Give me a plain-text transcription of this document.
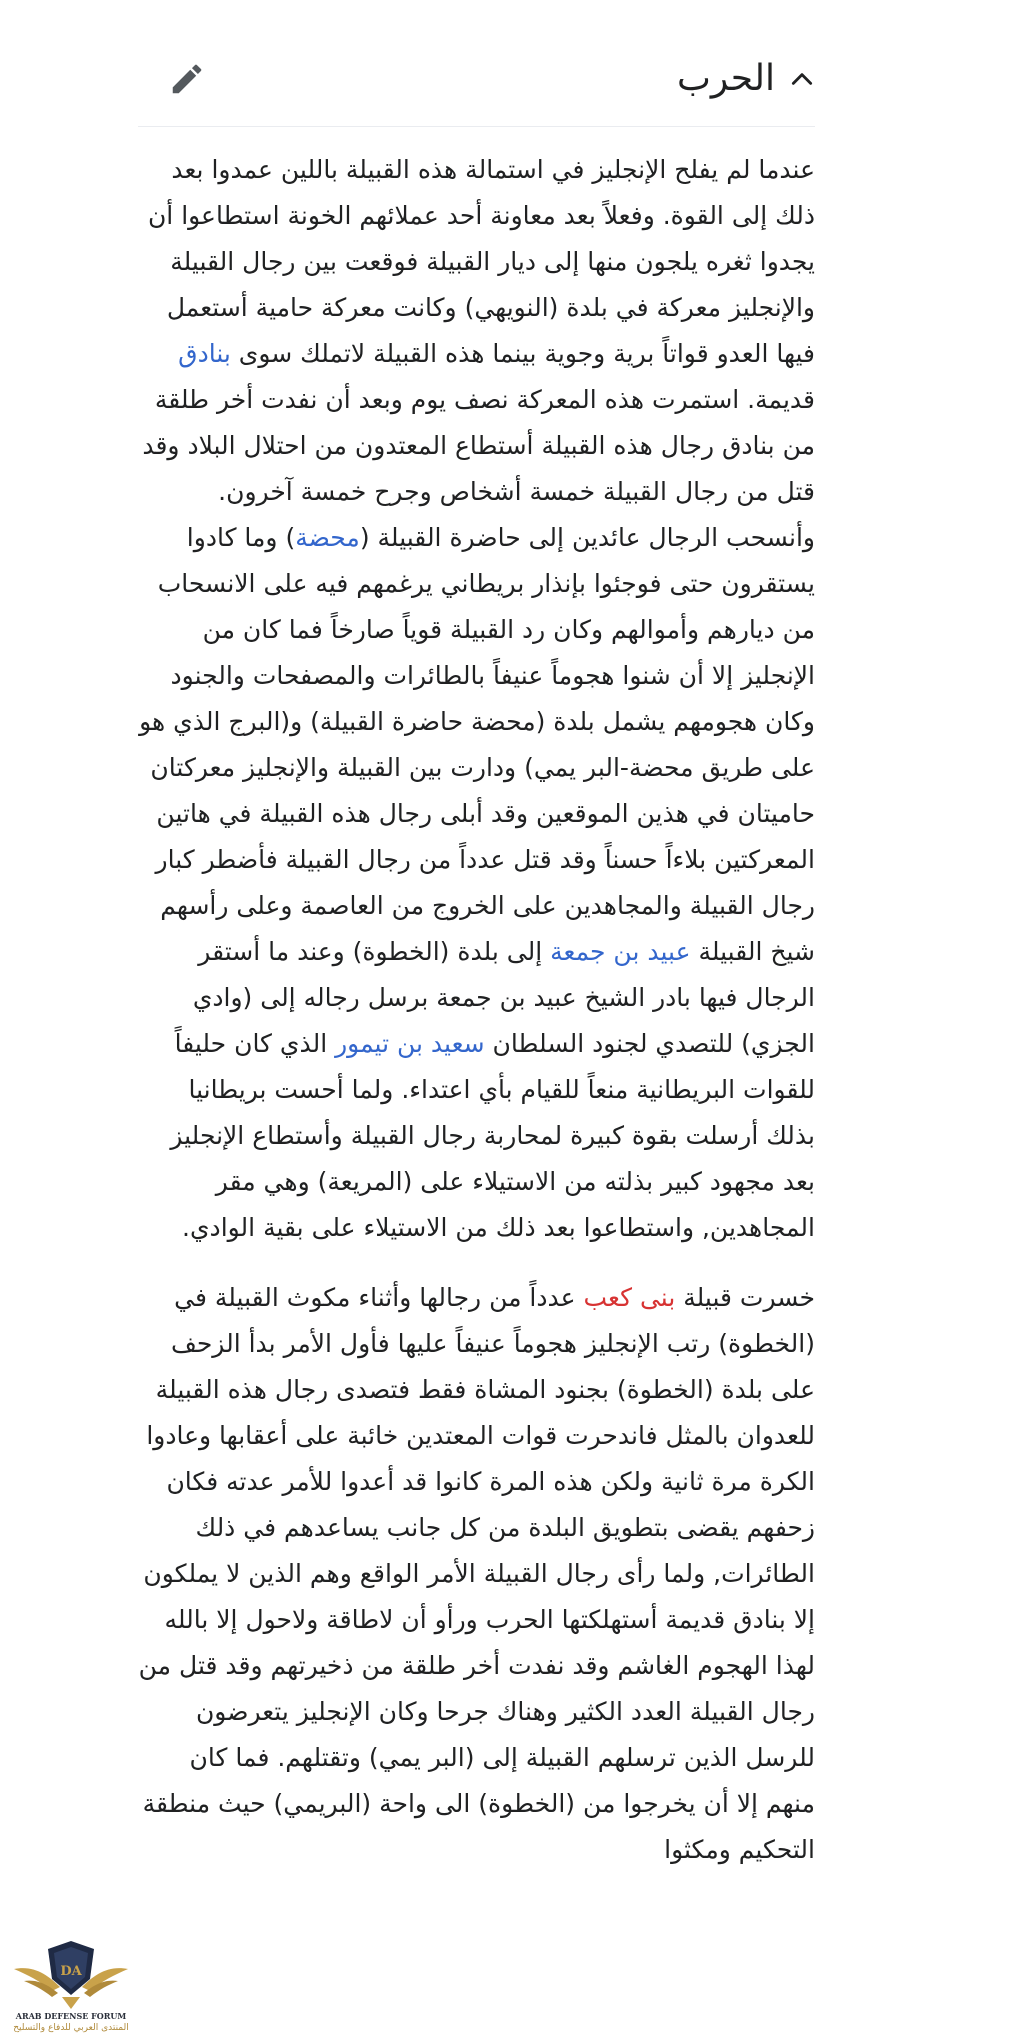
الحرب

عندما لم يفلح الإنجليز في استمالة هذه القبيلة باللين عمدوا بعد ذلك إلى القوة. وفعلاً بعد معاونة أحد عملائهم الخونة استطاعوا أن يجدوا ثغره يلجون منها إلى ديار القبيلة فوقعت بين رجال القبيلة والإنجليز معركة في بلدة (النويهي) وكانت معركة حامية أستعمل فيها العدو قواتاً برية وجوية بينما هذه القبيلة لاتملك سوى بنادق قديمة. استمرت هذه المعركة نصف يوم وبعد أن نفدت أخر طلقة من بنادق رجال هذه القبيلة أستطاع المعتدون من احتلال البلاد وقد قتل من رجال القبيلة خمسة أشخاص وجرح خمسة آخرون. وأنسحب الرجال عائدين إلى حاضرة القبيلة (محضة) وما كادوا يستقرون حتى فوجئوا بإنذار بريطاني يرغمهم فيه على الانسحاب من ديارهم وأموالهم وكان رد القبيلة قوياً صارخاً فما كان من الإنجليز إلا أن شنوا هجوماً عنيفاً بالطائرات والمصفحات والجنود وكان هجومهم يشمل بلدة (محضة حاضرة القبيلة) و(البرج الذي هو على طريق محضة-البر يمي) ودارت بين القبيلة والإنجليز معركتان حاميتان في هذين الموقعين وقد أبلى رجال هذه القبيلة في هاتين المعركتين بلاءاً حسناً وقد قتل عدداً من رجال القبيلة فأضطر كبار رجال القبيلة والمجاهدين على الخروج من العاصمة وعلى رأسهم شيخ القبيلة عبيد بن جمعة إلى بلدة (الخطوة) وعند ما أستقر الرجال فيها بادر الشيخ عبيد بن جمعة برسل رجاله إلى (وادي الجزي) للتصدي لجنود السلطان سعيد بن تيمور الذي كان حليفاً للقوات البريطانية منعاً للقيام بأي اعتداء. ولما أحست بريطانيا بذلك أرسلت بقوة كبيرة لمحاربة رجال القبيلة وأستطاع الإنجليز بعد مجهود كبير بذلته من الاستيلاء على (المريعة) وهي مقر المجاهدين, واستطاعوا بعد ذلك من الاستيلاء على بقية الوادي.

خسرت قبيلة بنى كعب عدداً من رجالها وأثناء مكوث القبيلة في (الخطوة) رتب الإنجليز هجوماً عنيفاً عليها فأول الأمر بدأ الزحف على بلدة (الخطوة) بجنود المشاة فقط فتصدى رجال هذه القبيلة للعدوان بالمثل فاندحرت قوات المعتدين خائبة على أعقابها وعادوا الكرة مرة ثانية ولكن هذه المرة كانوا قد أعدوا للأمر عدته فكان زحفهم يقضى بتطويق البلدة من كل جانب يساعدهم في ذلك الطائرات, ولما رأى رجال القبيلة الأمر الواقع وهم الذين لا يملكون إلا بنادق قديمة أستهلكتها الحرب ورأو أن لاطاقة ولاحول إلا بالله لهذا الهجوم الغاشم وقد نفدت أخر طلقة من ذخيرتهم وقد قتل من رجال القبيلة العدد الكثير وهناك جرحا وكان الإنجليز يتعرضون للرسل الذين ترسلهم القبيلة إلى (البر يمي) وتقتلهم. فما كان منهم إلا أن يخرجوا من (الخطوة) الى واحة (البريمي) حيث منطقة التحكيم ومكثوا

DA
ARAB DEFENSE FORUM
المنتدى العربي للدفاع والتسليح
